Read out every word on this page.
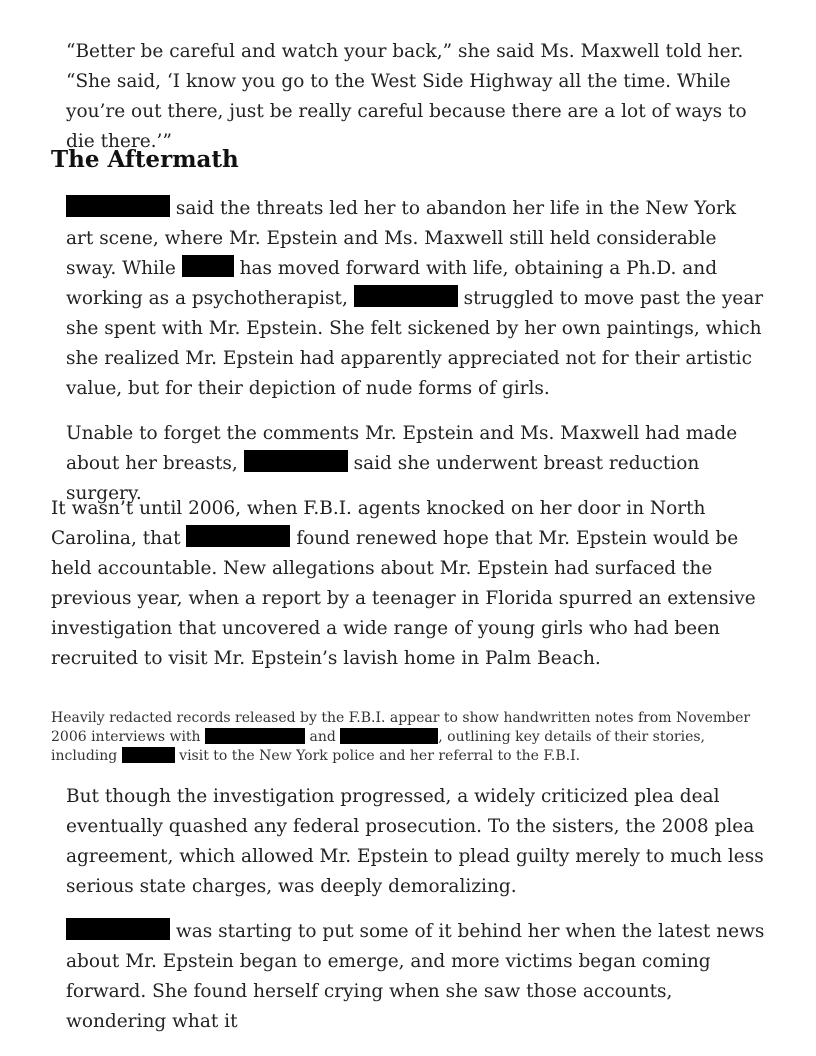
“Better be careful and watch your back,” she said Ms. Maxwell told her. “She said, ‘I know you go to the West Side Highway all the time. While you’re out there, just be really careful because there are a lot of ways to die there.’”

The Aftermath

said the threats led her to abandon her life in the New York art scene, where Mr. Epstein and Ms. Maxwell still held considerable sway. While	has moved forward with life, obtaining a Ph.D. and working as a psychotherapist,	struggled to move past the year she spent with Mr. Epstein. She felt sickened by her own paintings, which she realized Mr. Epstein had apparently appreciated not for their artistic value, but for their depiction of nude forms of girls.

Unable to forget the comments Mr. Epstein and Ms. Maxwell had made about her breasts,	said she underwent breast reduction surgery.

It wasn’t until 2006, when F.B.I. agents knocked on her door in North Carolina, that	found renewed hope that Mr. Epstein would be held accountable. New allegations about Mr. Epstein had surfaced the previous year, when a report by a teenager in Florida spurred an extensive investigation that uncovered a wide range of young girls who had been recruited to visit Mr. Epstein’s lavish home in Palm Beach.

Heavily redacted records released by the F.B.I. appear to show handwritten notes from November 2006 interviews with	and	, outlining key details of their stories, including	visit to the New York police and her referral to the F.B.I.

But though the investigation progressed, a widely criticized plea deal eventually quashed any federal prosecution. To the sisters, the 2008 plea agreement, which allowed Mr. Epstein to plead guilty merely to much less serious state charges, was deeply demoralizing.

was starting to put some of it behind her when the latest news about Mr. Epstein began to emerge, and more victims began coming forward. She found herself crying when she saw those accounts, wondering what it
